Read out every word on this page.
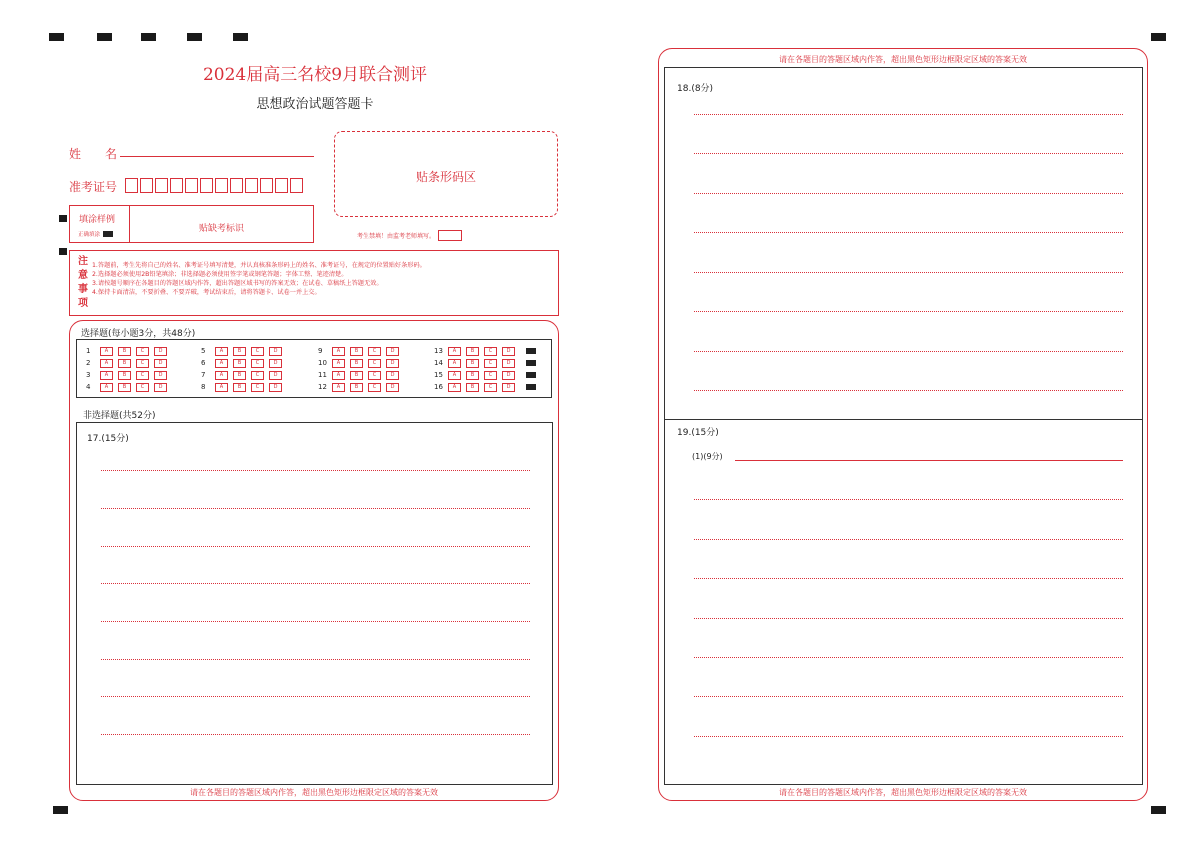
2024届高三名校9月联合测评
思想政治试题答题卡
姓　　名
准考证号
贴条形码区
填涂样例
正确填涂
贴缺考标识
考生禁填！由监考老师填写。
注
意
事
项
1.答题前，考生先将自己的姓名、准考证号填写清楚，并认真核准条形码上的姓名、准考证号，在规定的位置贴好条形码。
2.选择题必须使用2B铅笔填涂；非选择题必须使用签字笔或钢笔答题；字体工整、笔迹清楚。
3.请按题号顺序在各题目的答题区域内作答，超出答题区域书写的答案无效；在试卷、草稿纸上答题无效。
4.保持卡面清洁，不要折叠、不要弄破，考试结束后，请将答题卡、试卷一并上交。
选择题(每小题3分，共48分)
1	A	B	C	D
2	A	B	C	D
3	A	B	C	D
4	A	B	C	D
5	A	B	C	D
6	A	B	C	D
7	A	B	C	D
8	A	B	C	D
9	A	B	C	D
10	A	B	C	D
11	A	B	C	D
12	A	B	C	D
13	A	B	C	D
14	A	B	C	D
15	A	B	C	D
16	A	B	C	D
非选择题(共52分)
17.(15分)
请在各题目的答题区域内作答，超出黑色矩形边框限定区域的答案无效
请在各题目的答题区域内作答，超出黑色矩形边框限定区域的答案无效
18.(8分)
19.(15分)
(1)(9分)
请在各题目的答题区域内作答，超出黑色矩形边框限定区域的答案无效
